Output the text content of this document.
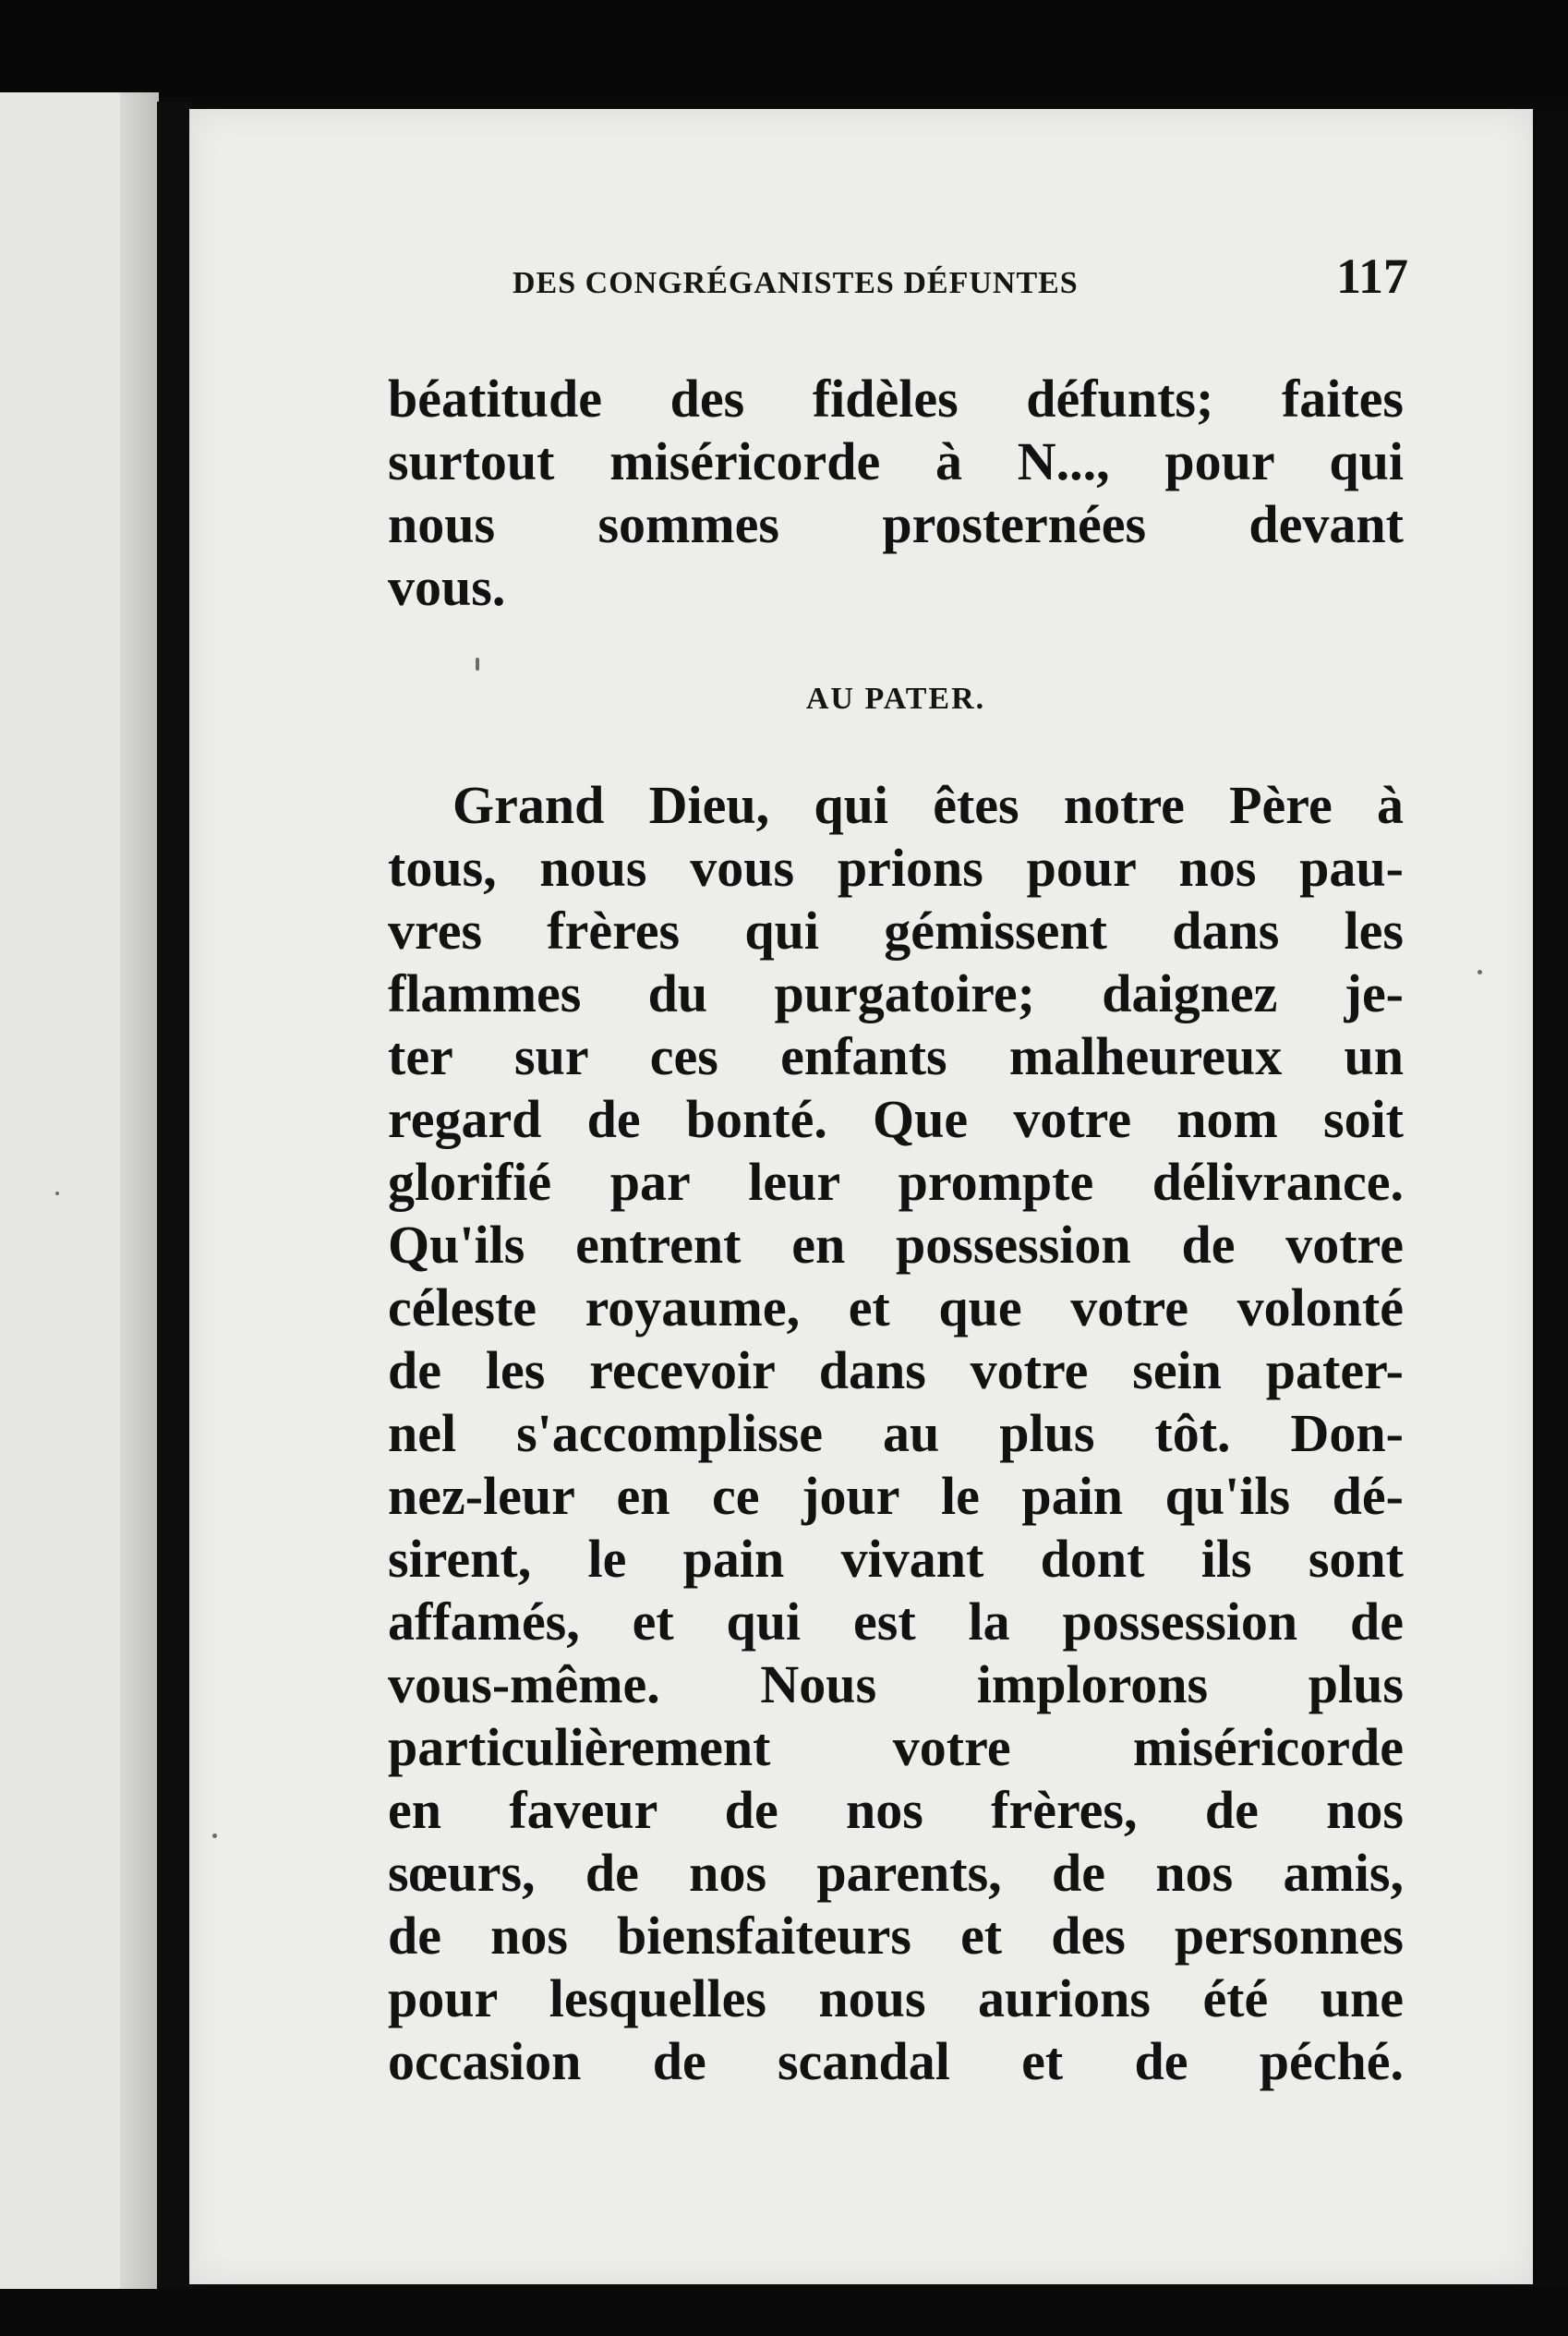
DES CONGRÉGANISTES DÉFUNTES	117
béatitude des fidèles défunts; faites
surtout miséricorde à N..., pour qui
nous sommes prosternées devant
vous.
AU PATER.
Grand Dieu, qui êtes notre Père à
tous, nous vous prions pour nos pau-
vres frères qui gémissent dans les
flammes du purgatoire; daignez je-
ter sur ces enfants malheureux un
regard de bonté. Que votre nom soit
glorifié par leur prompte délivrance.
Qu'ils entrent en possession de votre
céleste royaume, et que votre volonté
de les recevoir dans votre sein pater-
nel s'accomplisse au plus tôt. Don-
nez-leur en ce jour le pain qu'ils dé-
sirent, le pain vivant dont ils sont
affamés, et qui est la possession de
vous-même. Nous implorons plus
particulièrement votre miséricorde
en faveur de nos frères, de nos
sœurs, de nos parents, de nos amis,
de nos biensfaiteurs et des personnes
pour lesquelles nous aurions été une
occasion de scandal et de péché.
